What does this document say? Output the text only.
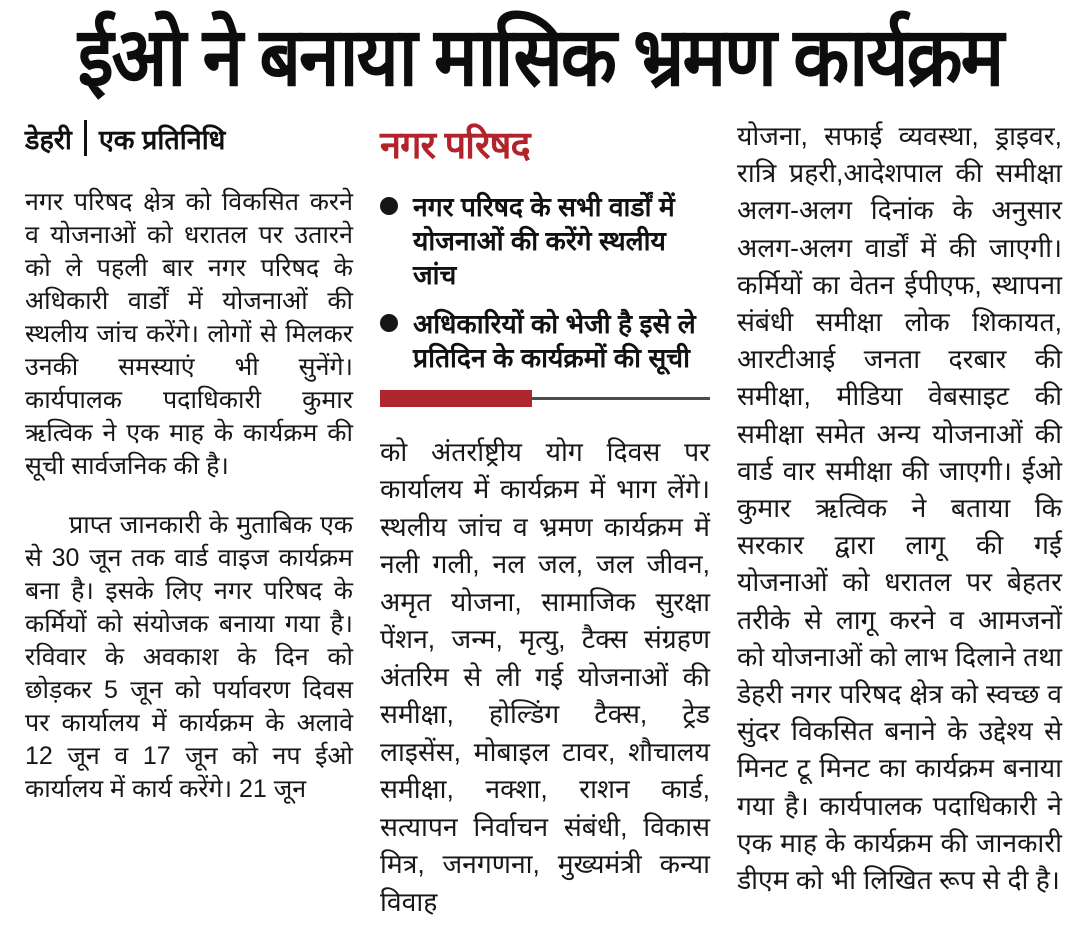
ईओ ने बनाया मासिक भ्रमण कार्यक्रम
डेहरी एक प्रतिनिधि

नगर परिषद क्षेत्र को विकसित करने व योजनाओं को धरातल पर उतारने को ले पहली बार नगर परिषद के अधिकारी वार्डों में योजनाओं की स्थलीय जांच करेंगे। लोगों से मिलकर उनकी समस्याएं भी सुनेंगे। कार्यपालक पदाधिकारी कुमार ऋत्विक ने एक माह के कार्यक्रम की सूची सार्वजनिक की है।

प्राप्त जानकारी के मुताबिक एक से 30 जून तक वार्ड वाइज कार्यक्रम बना है। इसके लिए नगर परिषद के कर्मियों को संयोजक बनाया गया है। रविवार के अवकाश के दिन को छोड़कर 5 जून को पर्यावरण दिवस पर कार्यालय में कार्यक्रम के अलावे 12 जून व 17 जून को नप ईओ कार्यालय में कार्य करेंगे। 21 जून

नगर परिषद
नगर परिषद के सभी वार्डों में योजनाओं की करेंगे स्थलीय जांच
अधिकारियों को भेजी है इसे ले प्रतिदिन के कार्यक्रमों की सूची

को अंतर्राष्ट्रीय योग दिवस पर कार्यालय में कार्यक्रम में भाग लेंगे। स्थलीय जांच व भ्रमण कार्यक्रम में नली गली, नल जल, जल जीवन, अमृत योजना, सामाजिक सुरक्षा पेंशन, जन्म, मृत्यु, टैक्स संग्रहण अंतरिम से ली गई योजनाओं की समीक्षा, होल्डिंग टैक्स, ट्रेड लाइसेंस, मोबाइल टावर, शौचालय समीक्षा, नक्शा, राशन कार्ड, सत्यापन निर्वाचन संबंधी, विकास मित्र, जनगणना, मुख्यमंत्री कन्या विवाह

योजना, सफाई व्यवस्था, ड्राइवर, रात्रि प्रहरी,आदेशपाल की समीक्षा अलग-अलग दिनांक के अनुसार अलग-अलग वार्डों में की जाएगी। कर्मियों का वेतन ईपीएफ, स्थापना संबंधी समीक्षा लोक शिकायत, आरटीआई जनता दरबार की समीक्षा, मीडिया वेबसाइट की समीक्षा समेत अन्य योजनाओं की वार्ड वार समीक्षा की जाएगी। ईओ कुमार ऋत्विक ने बताया कि सरकार द्वारा लागू की गई योजनाओं को धरातल पर बेहतर तरीके से लागू करने व आमजनों को योजनाओं को लाभ दिलाने तथा डेहरी नगर परिषद क्षेत्र को स्वच्छ व सुंदर विकसित बनाने के उद्देश्य से मिनट टू मिनट का कार्यक्रम बनाया गया है। कार्यपालक पदाधिकारी ने एक माह के कार्यक्रम की जानकारी डीएम को भी लिखित रूप से दी है।
